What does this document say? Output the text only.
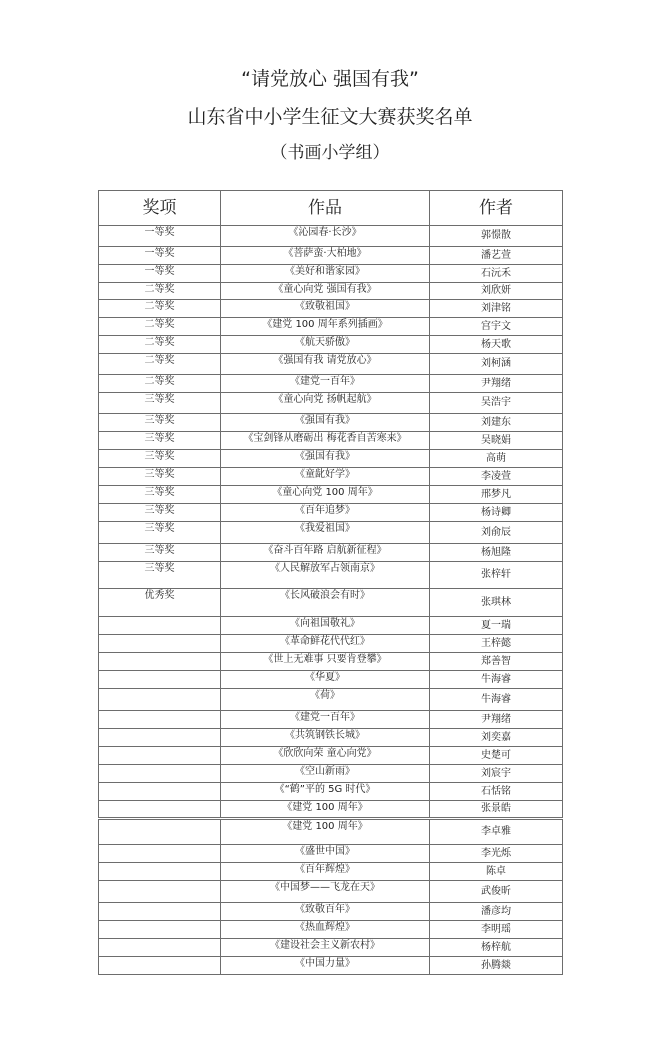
“请党放心 强国有我”
山东省中小学生征文大赛获奖名单
（书画小学组）
奖项	作品	作者
一等奖	《沁园春·长沙》	郭憬散
一等奖	《菩萨蛮·大柏地》	潘艺萱
一等奖	《美好和谐家园》	石沅禾
二等奖	《童心向党 强国有我》	刘欣妍
二等奖	《致敬祖国》	刘津铭
二等奖	《建党 100 周年系列插画》	宫宇文
二等奖	《航天骄傲》	杨天歌
二等奖	《强国有我 请党放心》	刘柯涵
二等奖	《建党一百年》	尹翔绪
三等奖	《童心向党 扬帆起航》	吴浩宇
三等奖	《强国有我》	刘建东
三等奖	《宝剑锋从磨砺出 梅花香自苦寒来》	吴晓娟
三等奖	《强国有我》	高萌
三等奖	《童龀好学》	李凌萱
三等奖	《童心向党 100 周年》	邢梦凡
三等奖	《百年追梦》	杨诗卿
三等奖	《我爱祖国》	刘俞辰
三等奖	《奋斗百年路 启航新征程》	杨旭隆
三等奖	《人民解放军占领南京》	张梓轩
优秀奖	《长风破浪会有时》	张琪林
	《向祖国敬礼》	夏一瑞
	《革命鲜花代代红》	王梓懿
	《世上无难事 只要肯登攀》	郑善智
	《华夏》	牛海睿
	《荷》	牛海睿
	《建党一百年》	尹翔绪
	《共筑钢铁长城》	刘奕嘉
	《欣欣向荣 童心向党》	史楚可
	《空山新雨》	刘宸宇
	《“鹤”平的 5G 时代》	石恬铭
	《建党 100 周年》	张景皓
	《建党 100 周年》	李卓雅
	《盛世中国》	李光烁
	《百年辉煌》	陈卓
	《中国梦——飞龙在天》	武俊昕
	《致敬百年》	潘彦均
	《热血辉煌》	李明瑶
	《建设社会主义新农村》	杨梓航
	《中国力量》	孙腾燚
